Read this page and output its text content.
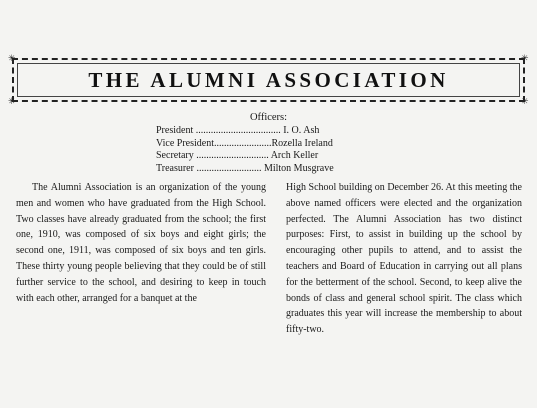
✳	✳
✳	✳
THE ALUMNI ASSOCIATION

Officers:

President .................................. I. O. Ash
Vice President.......................Rozella Ireland
Secretary ............................. Arch Keller
Treasurer .......................... Milton Musgrave

The Alumni Association is an organization of the young men and women who have graduated from the High School. Two classes have already graduated from the school; the first one, 1910, was composed of six boys and eight girls; the second one, 1911, was composed of six boys and ten girls. These thirty young people believing that they could be of still further service to the school, and desiring to keep in touch with each other, arranged for a banquet at the

High School building on December 26. At this meeting the above named officers were elected and the organization perfected. The Alumni Association has two distinct purposes: First, to assist in building up the school by encouraging other pupils to attend, and to assist the teachers and Board of Education in carrying out all plans for the betterment of the school. Second, to keep alive the bonds of class and general school spirit. The class which graduates this year will increase the membership to about fifty-two.
